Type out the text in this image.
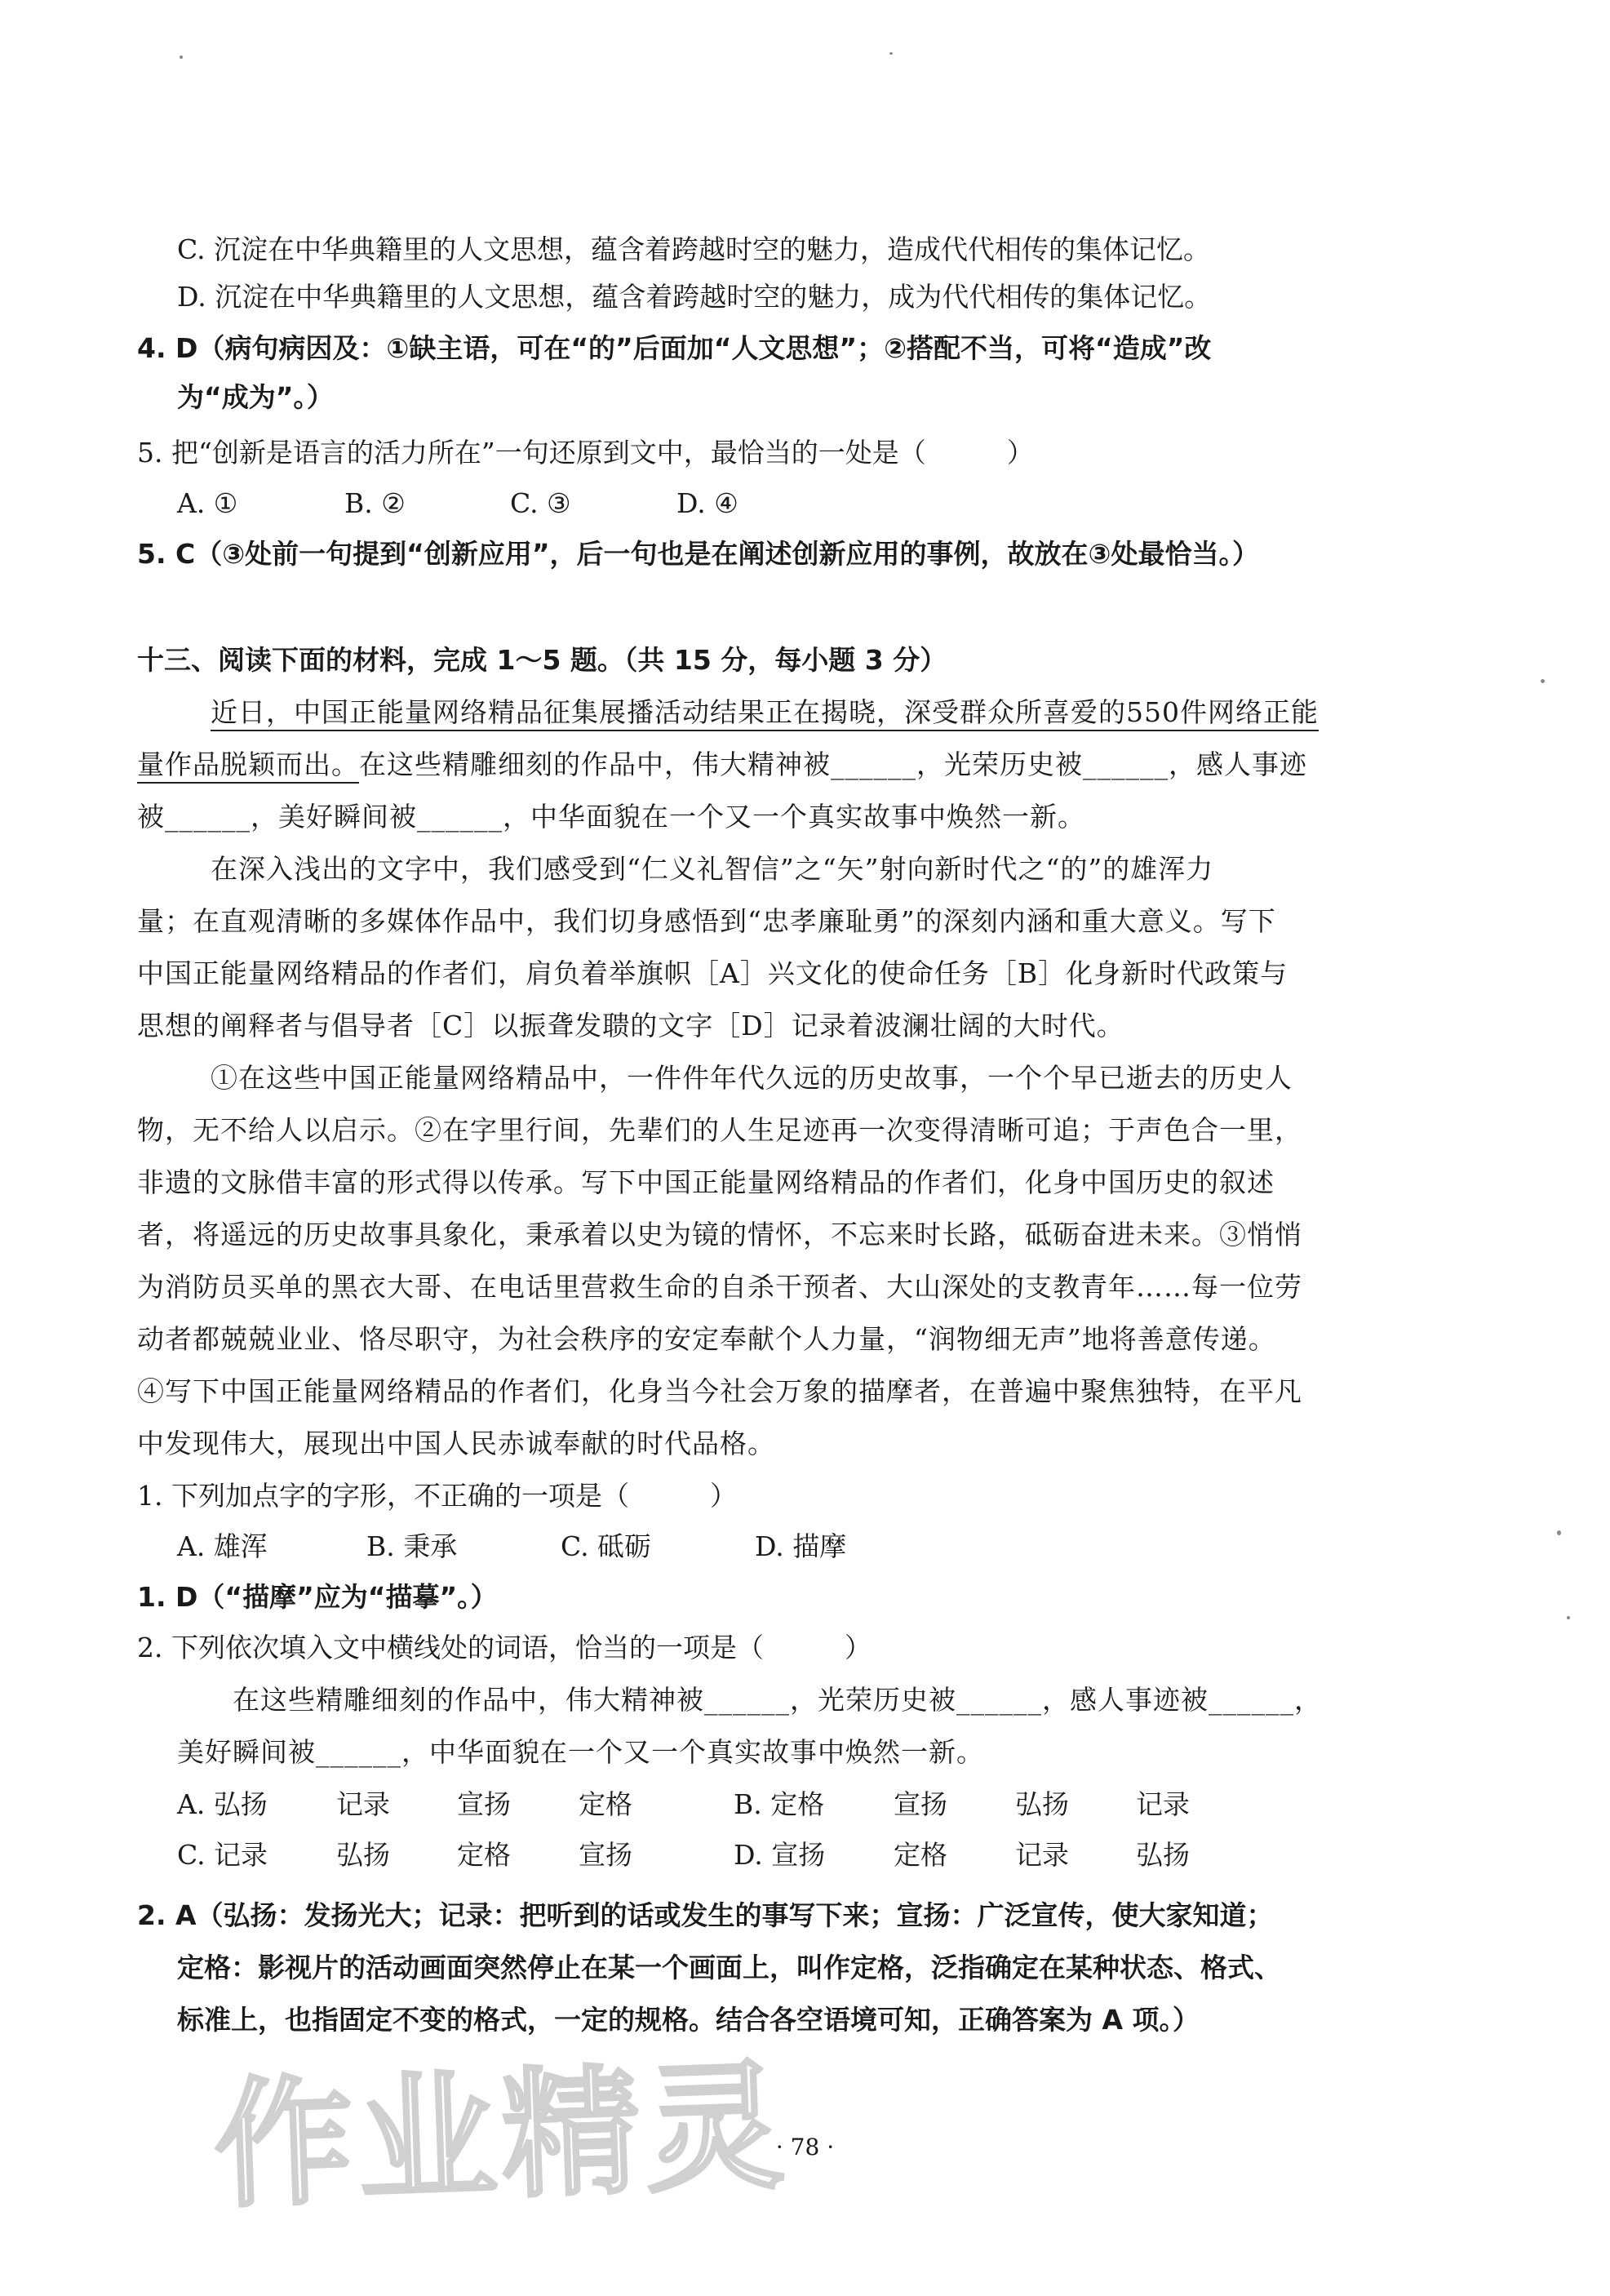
C. 沉淀在中华典籍里的人文思想，蕴含着跨越时空的魅力，造成代代相传的集体记忆。
D. 沉淀在中华典籍里的人文思想，蕴含着跨越时空的魅力，成为代代相传的集体记忆。
4. D（病句病因及：①缺主语，可在“的”后面加“人文思想”；②搭配不当，可将“造成”改
为“成为”。）
5. 把“创新是语言的活力所在”一句还原到文中，最恰当的一处是（　　　）
A. ①	B. ②	C. ③	D. ④
5. C（③处前一句提到“创新应用”，后一句也是在阐述创新应用的事例，故放在③处最恰当。）
十三、阅读下面的材料，完成 1～5 题。（共 15 分，每小题 3 分）
近日，中国正能量网络精品征集展播活动结果正在揭晓，深受群众所喜爱的550件网络正能
量作品脱颖而出。在这些精雕细刻的作品中，伟大精神被______，光荣历史被______，感人事迹
被______，美好瞬间被______，中华面貌在一个又一个真实故事中焕然一新。
在深入浅出的文字中，我们感受到“仁义礼智信”之“矢”射向新时代之“的”的雄浑力
量；在直观清晰的多媒体作品中，我们切身感悟到“忠孝廉耻勇”的深刻内涵和重大意义。写下
中国正能量网络精品的作者们，肩负着举旗帜［A］兴文化的使命任务［B］化身新时代政策与
思想的阐释者与倡导者［C］以振聋发聩的文字［D］记录着波澜壮阔的大时代。
①在这些中国正能量网络精品中，一件件年代久远的历史故事，一个个早已逝去的历史人
物，无不给人以启示。②在字里行间，先辈们的人生足迹再一次变得清晰可追；于声色合一里，
非遗的文脉借丰富的形式得以传承。写下中国正能量网络精品的作者们，化身中国历史的叙述
者，将遥远的历史故事具象化，秉承着以史为镜的情怀，不忘来时长路，砥砺奋进未来。③悄悄
为消防员买单的黑衣大哥、在电话里营救生命的自杀干预者、大山深处的支教青年……每一位劳
动者都兢兢业业、恪尽职守，为社会秩序的安定奉献个人力量，“润物细无声”地将善意传递。
④写下中国正能量网络精品的作者们，化身当今社会万象的描摩者，在普遍中聚焦独特，在平凡
中发现伟大，展现出中国人民赤诚奉献的时代品格。
1. 下列加点字的字形，不正确的一项是（　　　）
A. 雄浑	B. 秉承	C. 砥砺	D. 描摩
1. D（“描摩”应为“描摹”。）
2. 下列依次填入文中横线处的词语，恰当的一项是（　　　）
在这些精雕细刻的作品中，伟大精神被______，光荣历史被______，感人事迹被______，
美好瞬间被______，中华面貌在一个又一个真实故事中焕然一新。
A. 弘扬	记录 宣扬	定格	B. 定格	宣扬	弘扬 记录
C. 记录	弘扬 定格	宣扬	D. 宣扬	定格	记录 弘扬
2. A（弘扬：发扬光大；记录：把听到的话或发生的事写下来；宣扬：广泛宣传，使大家知道；
定格：影视片的活动画面突然停止在某一个画面上，叫作定格，泛指确定在某种状态、格式、
标准上，也指固定不变的格式，一定的规格。结合各空语境可知，正确答案为 A 项。）
作业精灵
· 78 ·
